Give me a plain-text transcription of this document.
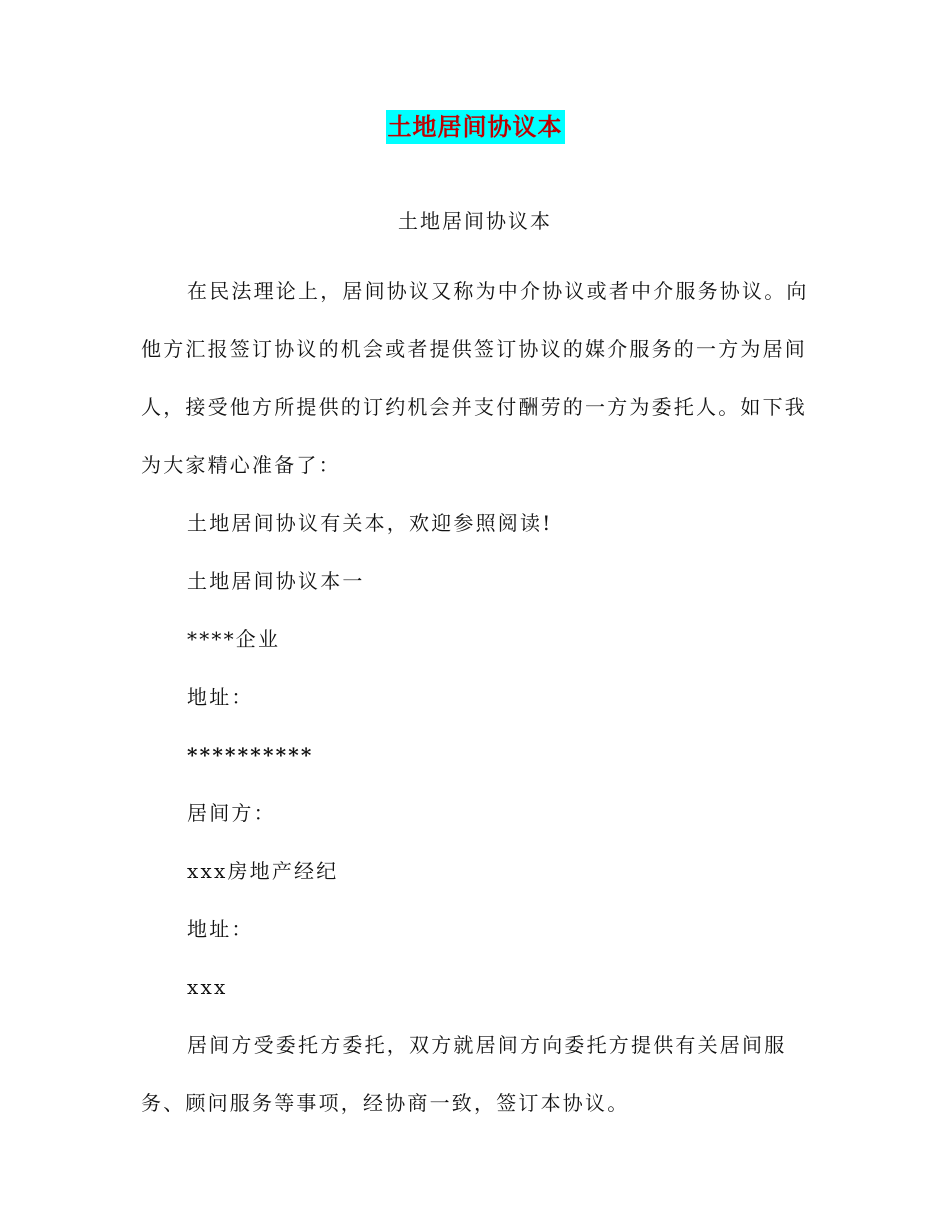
土地居间协议本
土地居间协议本

在民法理论上，居间协议又称为中介协议或者中介服务协议。向他方汇报签订协议的机会或者提供签订协议的媒介服务的一方为居间人，接受他方所提供的订约机会并支付酬劳的一方为委托人。如下我为大家精心准备了：

土地居间协议有关本，欢迎参照阅读!

土地居间协议本一

****企业

地址：

**********

居间方：

xxx房地产经纪

地址：

xxx

居间方受委托方委托，双方就居间方向委托方提供有关居间服务、顾问服务等事项，经协商一致，签订本协议。
